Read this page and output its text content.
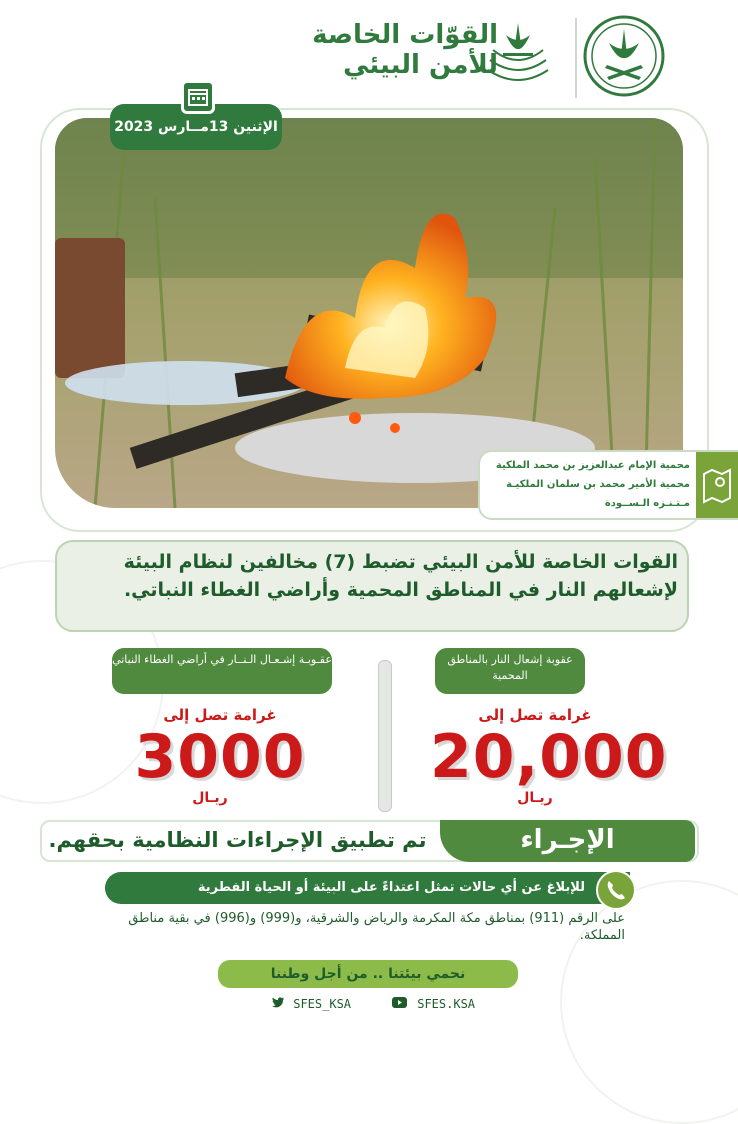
القوّات الخاصة
للأمن البيئي
الإثنين 13مــارس 2023
محمية الإمام عبدالعزيز بن محمد الملكية
محمية الأمير محمد بن سلمان الملكيـة
مـتـنـزه الـســودة
القوات الخاصة للأمن البيئي تضبط (7) مخالفين لنظام البيئة لإشعالهم النار في المناطق المحمية وأراضي الغطاء النباتي.
عقوبة إشعال النار بالمناطق المحمية
غرامة تصل إلى
20,000
ريـال
عقـوبـة إشـعـال الـنــار في أراضي الغطاء النباتي
غرامة تصل إلى
3000
ريـال
الإجـراء
تم تطبيق الإجراءات النظامية بحقهم.
للإبلاغ عن أي حالات تمثل اعتداءً على البيئة أو الحياة الفطرية
على الرقم (911) بمناطق مكة المكرمة والرياض والشرقية، و(999) و(996) في بقية مناطق المملكة.
نحمي بيئتنا .. من أجل وطننا
SFES_KSA	SFES.KSA
